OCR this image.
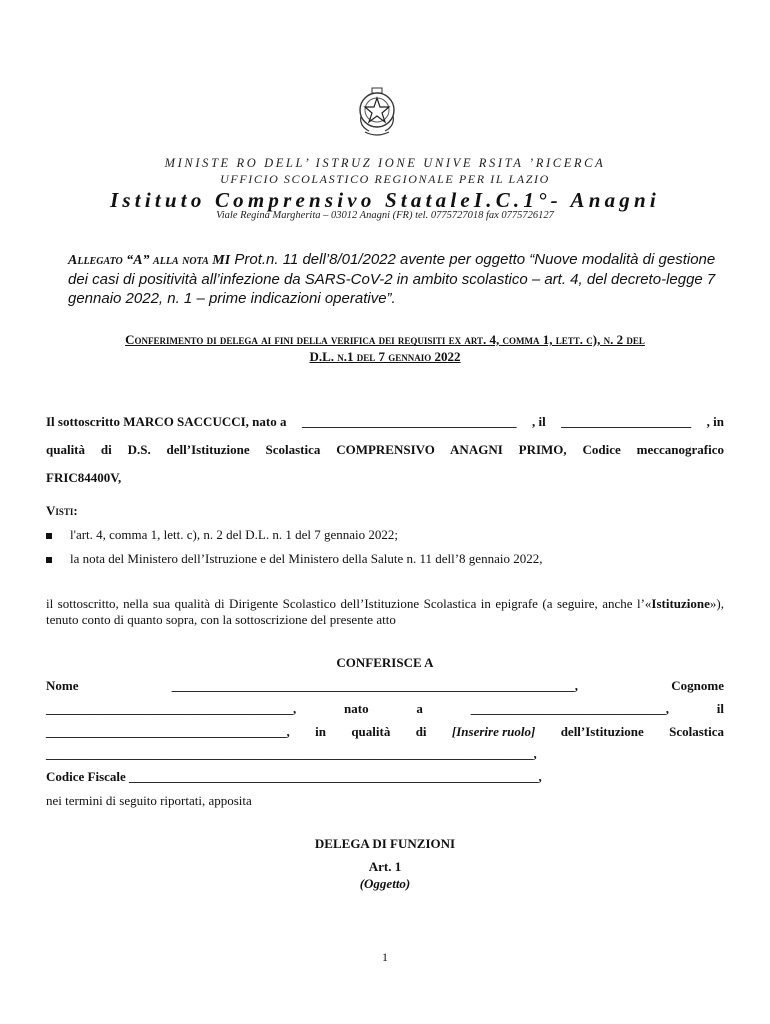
MINISTE RO DELL’ ISTRUZ IONE UNIVE RSITA ’RICERCA
UFFICIO SCOLASTICO REGIONALE PER IL LAZIO
Istituto Comprensivo StataleI.C.1°- Anagni
Viale Regina Margherita – 03012 Anagni (FR) tel. 0775727018 fax 0775726127
Allegato “A” alla nota MI Prot.n. 11 dell’8/01/2022 avente per oggetto “Nuove modalità di gestione dei casi di positività all’infezione da SARS-CoV-2 in ambito scolastico – art. 4, del decreto-legge 7 gennaio 2022, n. 1 – prime indicazioni operative”.
Conferimento di delega ai fini della verifica dei requisiti ex art. 4, comma 1, lett. c), n. 2 del
D.L. n.1 del 7 gennaio 2022
Il sottoscritto MARCO SACCUCCI, nato a _________________________________ , il ____________________ , in
qualità di D.S. dell’Istituzione Scolastica COMPRENSIVO ANAGNI PRIMO, Codice meccanografico
FRIC84400V,
Visti:
l'art. 4, comma 1, lett. c), n. 2 del D.L. n. 1 del 7 gennaio 2022;
la nota del Ministero dell’Istruzione e del Ministero della Salute n. 11 dell’8 gennaio 2022,
il sottoscritto, nella sua qualità di Dirigente Scolastico dell’Istituzione Scolastica in epigrafe (a seguire, anche l’«Istituzione»), tenuto conto di quanto sopra, con la sottoscrizione del presente atto
CONFERISCE A
Nome	______________________________________________________________,	Cognome
______________________________________,	nato	a	______________________________,	il
_____________________________________, in qualità di [Inserire ruolo] dell’Istituzione Scolastica
___________________________________________________________________________,
Codice Fiscale _______________________________________________________________,
nei termini di seguito riportati, apposita
DELEGA DI FUNZIONI
Art. 1
(Oggetto)
1
